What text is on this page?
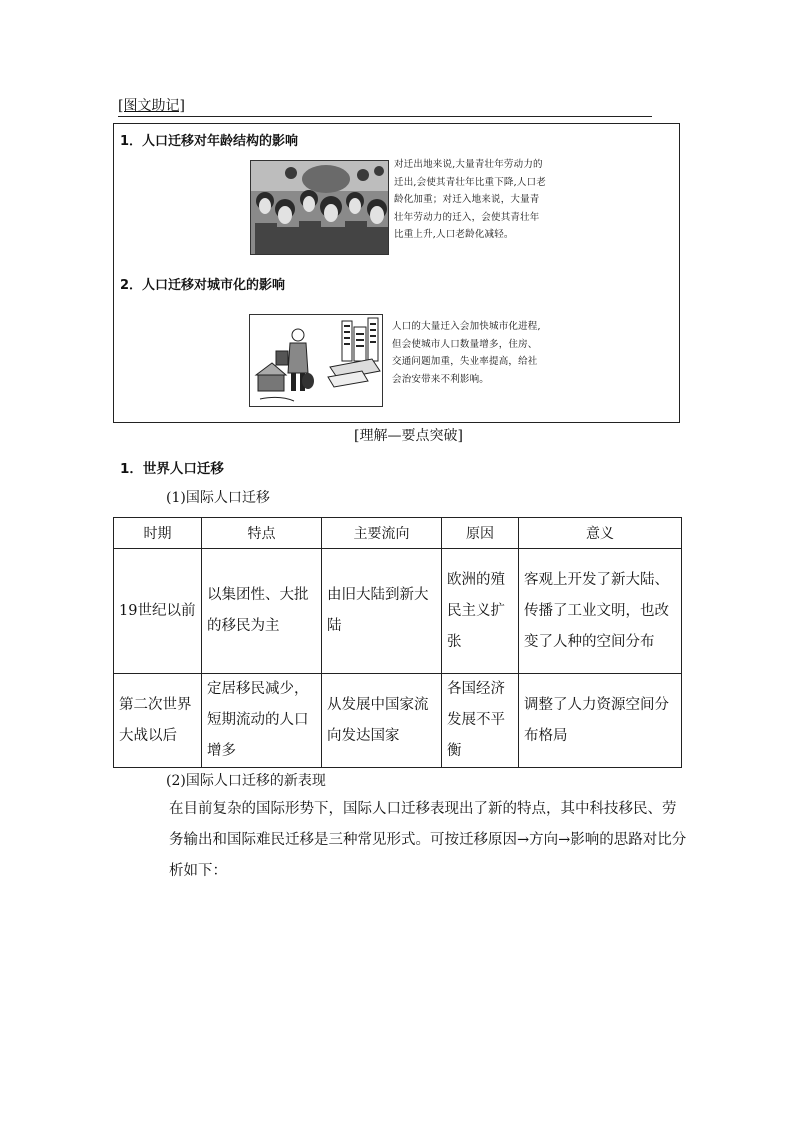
[图文助记]
1．人口迁移对年龄结构的影响
对迁出地来说,大量青壮年劳动力的迁出,会使其青壮年比重下降,人口老龄化加重；对迁入地来说，大量青壮年劳动力的迁入，会使其青壮年比重上升,人口老龄化减轻。
2．人口迁移对城市化的影响
人口的大量迁入会加快城市化进程,但会使城市人口数量增多，住房、交通问题加重，失业率提高，给社会治安带来不利影响。
[理解—要点突破]
1．世界人口迁移
(1)国际人口迁移
时期	特点	主要流向	原因	意义
19世纪以前	以集团性、大批的移民为主	由旧大陆到新大陆	欧洲的殖民主义扩张	客观上开发了新大陆、传播了工业文明，也改变了人种的空间分布
第二次世界大战以后	定居移民减少，短期流动的人口增多	从发展中国家流向发达国家	各国经济发展不平衡	调整了人力资源空间分布格局
(2)国际人口迁移的新表现
在目前复杂的国际形势下，国际人口迁移表现出了新的特点，其中科技移民、劳务输出和国际难民迁移是三种常见形式。可按迁移原因→方向→影响的思路对比分析如下：
